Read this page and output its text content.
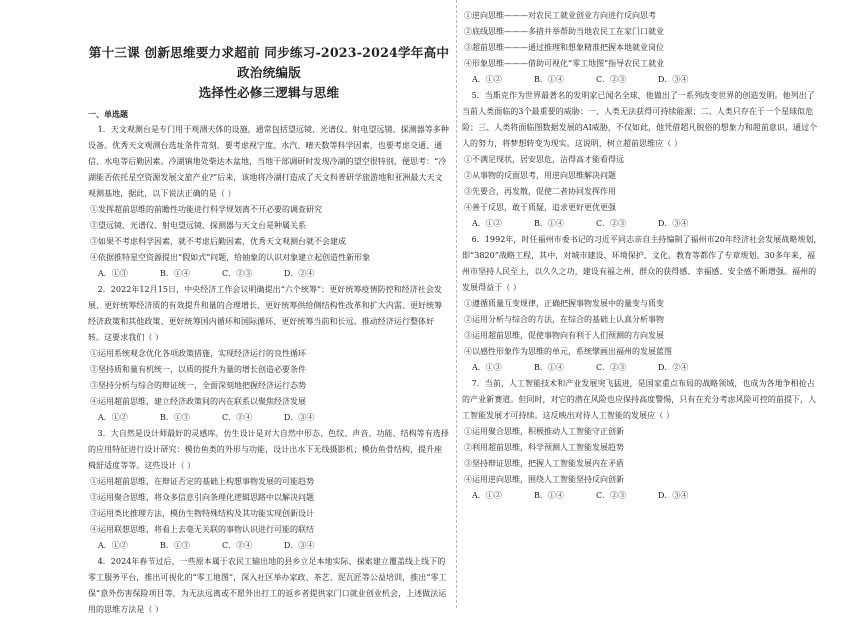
第十三课 创新思维要力求超前 同步练习-2023-2024学年高中政治统编版
选择性必修三逻辑与思维
一、单选题

1．天文观测台是专门用于观测天体的设施，通常包括望远镜、光谱仪、射电望远镜、探测器等多种设备。优秀天文观测台选址条件苛刻，要考虑视宁度、水汽、晴天数等科学因素，也要考虑交通、通信、水电等后勤因素。冷湖镇地处柴达木盆地，当地干部调研时发现冷湖的望空很特别，便思考：“冷湖能否依托星空资源发展文旅产业?”后来，该地将冷湖打造成了天文科普研学旅游地和亚洲最大天文观测基地，据此，以下说法正确的是（ ）

①发挥超前思维的前瞻性功能进行科学规划离不开必要的调查研究

②望远镜、光谱仪、射电望远镜、探测器与天文台是种属关系

③如果不考虑科学因素，就不考虑后勤因素，优秀天文观测台就不会建成

④依据推特星空资源提出“假如式”问题，给抽象的认识对象建立起创造性新形象

A．①③	B．①④	C．②③	D．②④

2．2022年12月15日，中央经济工作会议明确提出“六个统筹”：更好统筹疫情防控和经济社会发展、更好统筹经济质的有效提升和量的合理增长、更好统筹供给侧结构性改革和扩大内需、更好统筹经济政策和其他政策、更好统筹国内循环和国际循环、更好统筹当前和长远。推动经济运行整体好转。这要求我们（ ）

①运用系统观念优化各项政策措施，实现经济运行的良性循环

②坚持质和量有机统一，以质的提升为量的增长创造必要条件

③坚持分析与综合的辩证统一，全面深刻地把握经济运行态势

④运用超前思维，建立经济政策间的内在联系以聚焦经济发展

A．①②	B．①③	C．②④	D．③④

3．大自然是设计师最好的灵感库。仿生设计是对大自然中形态、色纹、声音、功能、结构等有选择的应用特征进行设计研究：模仿鱼类的外形与功能，设计出水下无线摄影机；模仿鱼骨结构，提升座椅舒适度等等。这些设计（ ）

①运用超前思维，在辩证否定的基础上构想事物发展的可能趋势

②运用聚合思维，将众多信息引向条理化逻辑思路中以解决问题

③运用类比推理方法，模仿生物特殊结构及其功能实现创新设计

④运用联想思维，将看上去毫无关联的事物认识进行可能的联结

A．①②	B．①③	C．②④	D．③④

4．2024年春节过后，一些原本属于农民工输出地的县乡立足本地实际，探索建立覆盖线上线下的零工服务平台，推出可视化的“零工地图”，深入社区举办家政、茶艺、泥瓦匠等公益培训，推出“零工保”意外伤害保险项目等，为无法远离或不愿外出打工的返乡者提供家门口就业创业机会，上述做法运用的思维方法是（ ）

①逆向思维———对农民工就业创业方向进行反向思考

②底线思维———多措并举帮助当地农民工在家门口就业

③超前思维———通过推理和想象精准把握本地就业岗位

④形象思维———借助可视化“零工地图”指导农民工就业

A．①②	B．①④	C．②③	D．③④

5．当斯克作为世界最著名的发明家已闻名全球，他做出了一系列改变世界的创造发明。他列出了当前人类面临的3个最重要的威胁：一、人类无法获得可持续能源；二、人类只存在于一个星球似危险；三、人类将面临图数据发展的AI威胁，不仅如此，他凭借超凡脱俗的想象力和超前意识，通过个人的努力，将梦想转变为现实。这说明，树立超前思维应（ ）

①不满足现状，居安思危，沾得高才能看得远

②从事物的反面思考，用逆向思维解决问题

③先要合，再发散，促使二者协同发挥作用

④善于反思，敢于质疑，追求更好更优更强

A．①②	B．①④	C．②③	D．③④

6．1992年，时任福州市委书记的习近平同志亲自主持编制了福州市20年经济社会发展战略规划，即“3820”战略工程，其中，对城市建设、环境保护、文化、教育等都作了专章规划。30多年来，福州市坚持人民至上，以久久之功，建设有福之州，群众的获得感、幸福感、安全感不断增强。福州的发展得益于（ ）

①遵循质量互变规律，正确把握事物发展中的量变与质变

②运用分析与综合的方法，在综合的基础上认真分析事物

③运用超前思维，促使事物向有利于人们预测的方向发展

④以感性形象作为思维的单元，系统擘画出福州的发展蓝图

A．①③	B．①④	C．②③	D．②④

7．当前，人工智能技术和产业发展突飞猛进，是国家重点布局的战略领域，也成为各地争相抢占的产业新赛道。但同时，对它的潜在风险也应保持高度警惕，只有在充分考虑风险可控的前提下，人工智能发展才可持续。这反映出对待人工智能的发展应（ ）

①运用聚合思维，积极推动人工智能守正创新

②利用超前思维，科学预测人工智能发展趋势

③坚持辩证思维，把握人工智能发展内在矛盾

④运用逆向思维，围绕人工智能坚持反向创新

A．①②	B．①④	C．②③	D．③④
